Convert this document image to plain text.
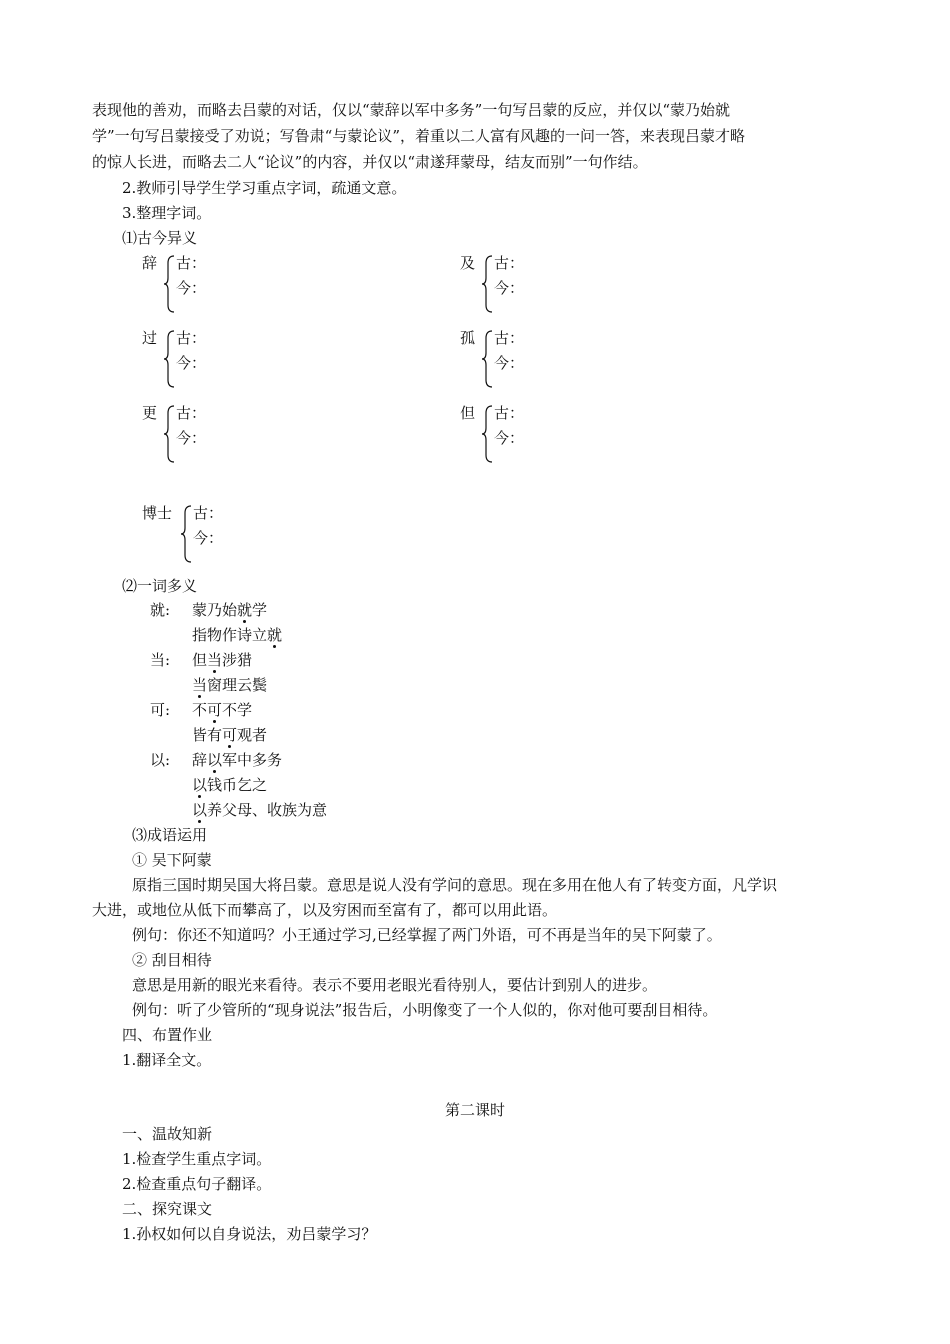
表现他的善劝，而略去吕蒙的对话，仅以“蒙辞以军中多务”一句写吕蒙的反应，并仅以“蒙乃始就
学”一句写吕蒙接受了劝说；写鲁肃“与蒙论议”，着重以二人富有风趣的一问一答，来表现吕蒙才略
的惊人长进，而略去二人“论议”的内容，并仅以“肃遂拜蒙母，结友而别”一句作结。
2.教师引导学生学习重点字词，疏通文意。
3.整理字词。
⑴古今异义
辞 古：
今：
及 古：
今：
过 古：
今：
孤 古：
今：
更 古：
今：
但 古：
今：
博士 古：
今：
⑵一词多义
就: 蒙乃始就学
指物作诗立就
当: 但当涉猎
当窗理云鬓
可: 不可不学
皆有可观者
以: 辞以军中多务
以钱币乞之
以养父母、收族为意
⑶成语运用
① 吴下阿蒙
原指三国时期吴国大将吕蒙。意思是说人没有学问的意思。现在多用在他人有了转变方面，凡学识
大进，或地位从低下而攀高了，以及穷困而至富有了，都可以用此语。
例句：你还不知道吗？小王通过学习,已经掌握了两门外语，可不再是当年的吴下阿蒙了。
② 刮目相待
意思是用新的眼光来看待。表示不要用老眼光看待别人，要估计到别人的进步。
例句：听了少管所的“现身说法”报告后，小明像变了一个人似的，你对他可要刮目相待。
四、布置作业
1.翻译全文。
第二课时
一、温故知新
1.检查学生重点字词。
2.检查重点句子翻译。
二、探究课文
1.孙权如何以自身说法，劝吕蒙学习？
